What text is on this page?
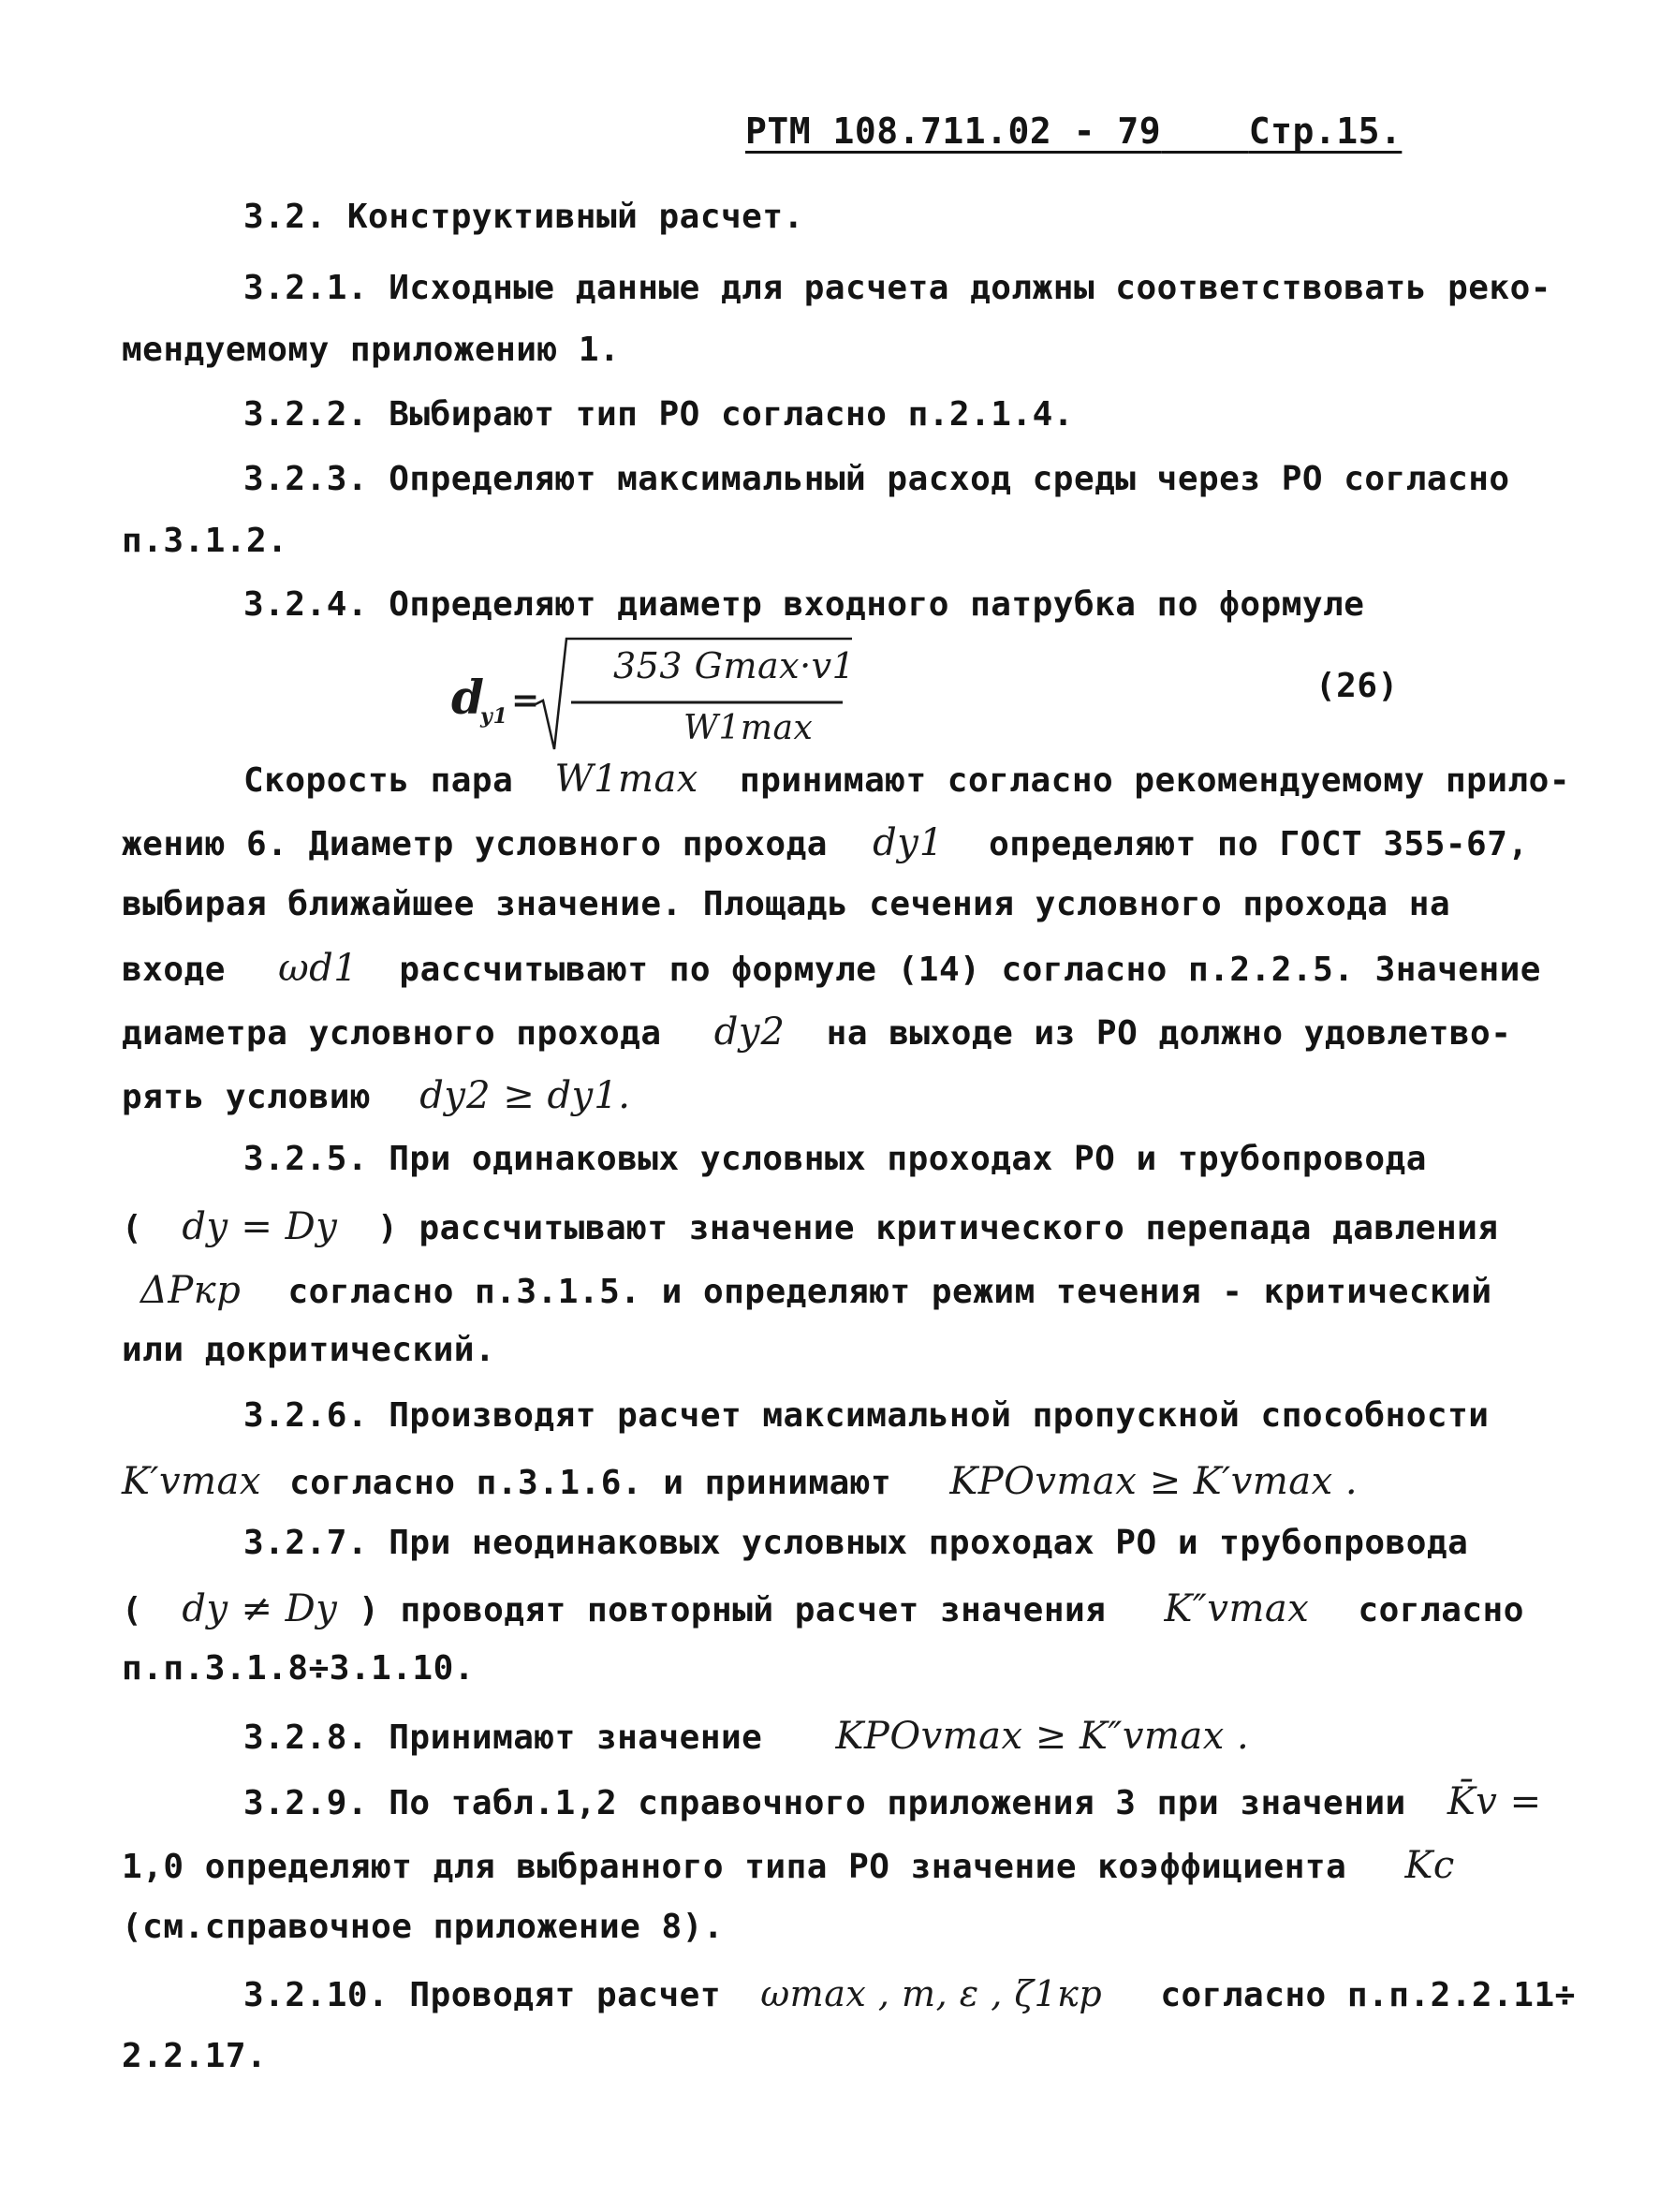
РТМ 108.711.02 - 79 Стр.15.
3.2. Конструктивный расчет.
3.2.1. Исходные данные для расчета должны соответствовать реко-
мендуемому приложению 1.
3.2.2. Выбирают тип РО согласно п.2.1.4.
3.2.3. Определяют максимальный расход среды через РО согласно
п.3.1.2.
3.2.4. Определяют диаметр входного патрубка по формуле
d
у1 =
353 Gmax·v1
W1max
(26)
Скорость пара W1max принимают согласно рекомендуемому прило-
жению 6. Диаметр условного прохода dу1 определяют по ГОСТ 355-67,
выбирая ближайшее значение. Площадь сечения условного прохода на
входе ωd1 рассчитывают по формуле (14) согласно п.2.2.5. Значение
диаметра условного прохода dу2 на выходе из РО должно удовлетво-
рять условию dу2 ≥ dу1.
3.2.5. При одинаковых условных проходах РО и трубопровода
( dу = Dу ) рассчитывают значение критического перепада давления
ΔPкр согласно п.3.1.5. и определяют режим течения - критический
или докритический.
3.2.6. Производят расчет максимальной пропускной способности
K′vmax согласно п.3.1.6. и принимают KPOvmax ≥ K′vmax .
3.2.7. При неодинаковых условных проходах РО и трубопровода
( dу ≠ Dу ) проводят повторный расчет значения K″vmax согласно
п.п.3.1.8÷3.1.10.
3.2.8. Принимают значение KPOvmax ≥ K″vmax .
3.2.9. По табл.1,2 справочного приложения 3 при значении K̄v =
1,0 определяют для выбранного типа РО значение коэффициента Kc
(см.справочное приложение 8).
3.2.10. Проводят расчет ωmax , m, ε , ζ1кр согласно п.п.2.2.11÷
2.2.17.
